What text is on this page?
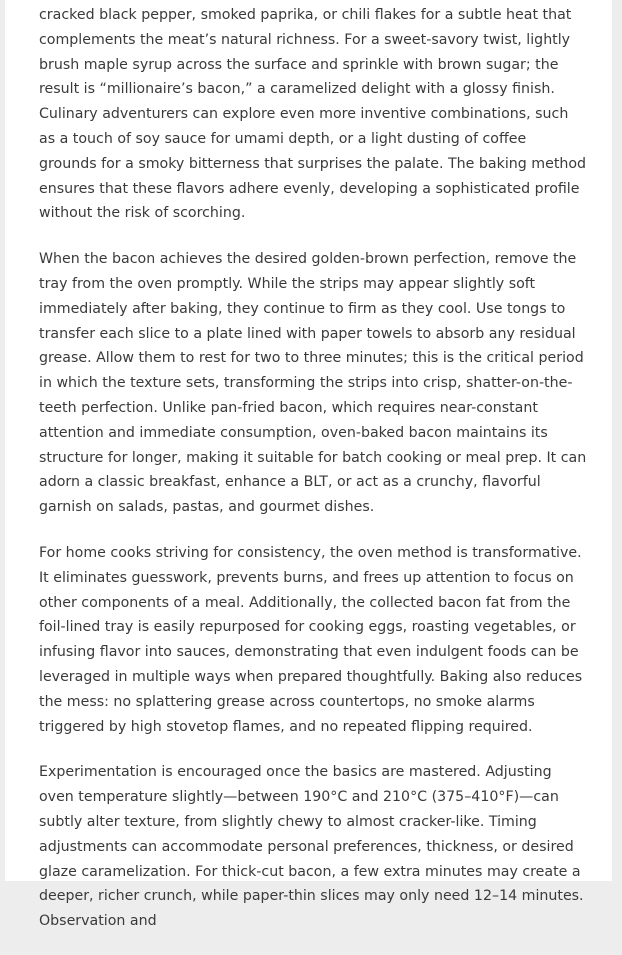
cracked black pepper, smoked paprika, or chili flakes for a subtle heat that complements the meat’s natural richness. For a sweet-savory twist, lightly brush maple syrup across the surface and sprinkle with brown sugar; the result is “millionaire’s bacon,” a caramelized delight with a glossy finish. Culinary adventurers can explore even more inventive combinations, such as a touch of soy sauce for umami depth, or a light dusting of coffee grounds for a smoky bitterness that surprises the palate. The baking method ensures that these flavors adhere evenly, developing a sophisticated profile without the risk of scorching.

When the bacon achieves the desired golden-brown perfection, remove the tray from the oven promptly. While the strips may appear slightly soft immediately after baking, they continue to firm as they cool. Use tongs to transfer each slice to a plate lined with paper towels to absorb any residual grease. Allow them to rest for two to three minutes; this is the critical period in which the texture sets, transforming the strips into crisp, shatter-on-the-teeth perfection. Unlike pan-fried bacon, which requires near-constant attention and immediate consumption, oven-baked bacon maintains its structure for longer, making it suitable for batch cooking or meal prep. It can adorn a classic breakfast, enhance a BLT, or act as a crunchy, flavorful garnish on salads, pastas, and gourmet dishes.

For home cooks striving for consistency, the oven method is transformative. It eliminates guesswork, prevents burns, and frees up attention to focus on other components of a meal. Additionally, the collected bacon fat from the foil-lined tray is easily repurposed for cooking eggs, roasting vegetables, or infusing flavor into sauces, demonstrating that even indulgent foods can be leveraged in multiple ways when prepared thoughtfully. Baking also reduces the mess: no splattering grease across countertops, no smoke alarms triggered by high stovetop flames, and no repeated flipping required.

Experimentation is encouraged once the basics are mastered. Adjusting oven temperature slightly—between 190°C and 210°C (375–410°F)—can subtly alter texture, from slightly chewy to almost cracker-like. Timing adjustments can accommodate personal preferences, thickness, or desired glaze caramelization. For thick-cut bacon, a few extra minutes may create a deeper, richer crunch, while paper-thin slices may only need 12–14 minutes. Observation and
